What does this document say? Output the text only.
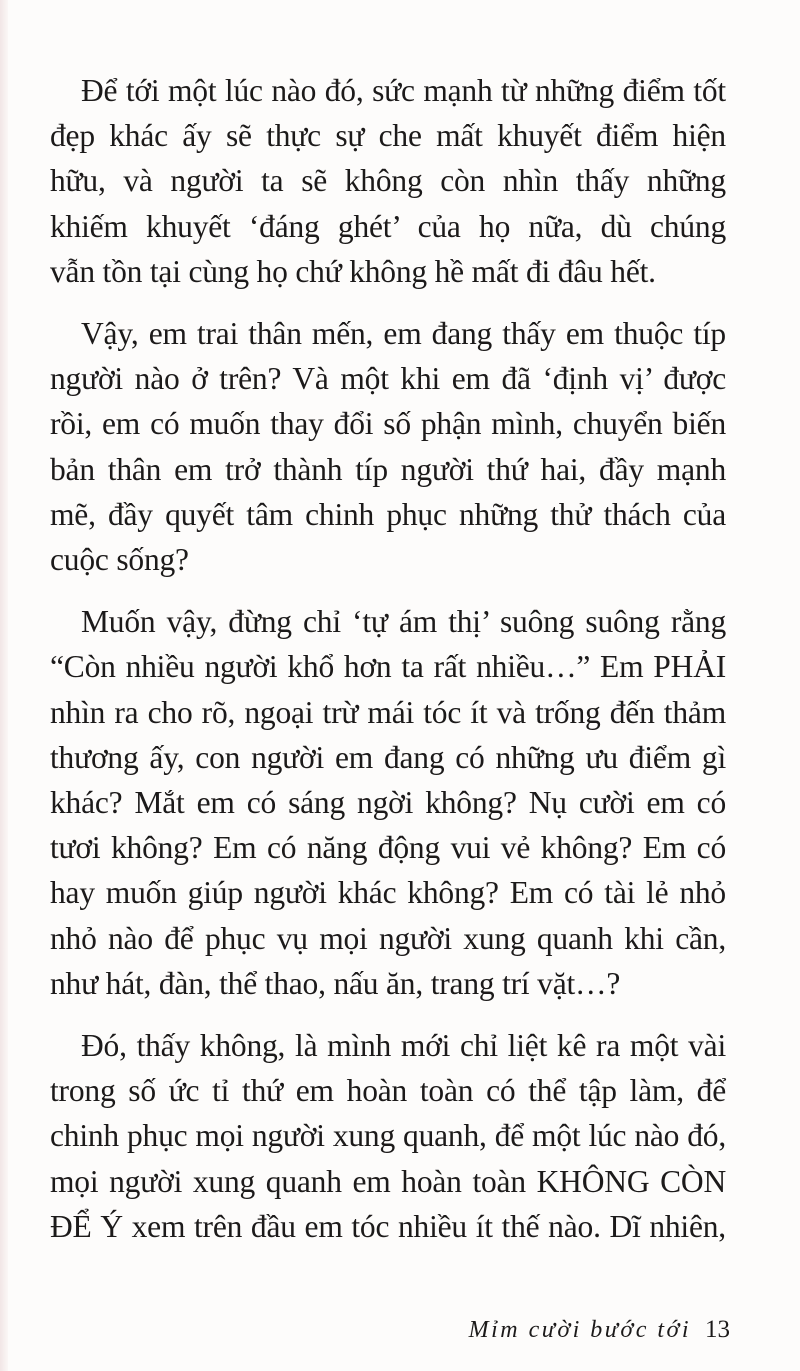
Để tới một lúc nào đó, sức mạnh từ những điểm tốt
đẹp khác ấy sẽ thực sự che mất khuyết điểm hiện
hữu, và người ta sẽ không còn nhìn thấy những
khiếm khuyết ‘đáng ghét’ của họ nữa, dù chúng
vẫn tồn tại cùng họ chứ không hề mất đi đâu hết.

Vậy, em trai thân mến, em đang thấy em thuộc típ
người nào ở trên? Và một khi em đã ‘định vị’ được
rồi, em có muốn thay đổi số phận mình, chuyển biến
bản thân em trở thành típ người thứ hai, đầy mạnh
mẽ, đầy quyết tâm chinh phục những thử thách của
cuộc sống?

Muốn vậy, đừng chỉ ‘tự ám thị’ suông suông rằng
“Còn nhiều người khổ hơn ta rất nhiều…” Em PHẢI
nhìn ra cho rõ, ngoại trừ mái tóc ít và trống đến thảm
thương ấy, con người em đang có những ưu điểm gì
khác? Mắt em có sáng ngời không? Nụ cười em có
tươi không? Em có năng động vui vẻ không? Em có
hay muốn giúp người khác không? Em có tài lẻ nhỏ
nhỏ nào để phục vụ mọi người xung quanh khi cần,
như hát, đàn, thể thao, nấu ăn, trang trí vặt…?

Đó, thấy không, là mình mới chỉ liệt kê ra một vài
trong số ức tỉ thứ em hoàn toàn có thể tập làm, để
chinh phục mọi người xung quanh, để một lúc nào đó,
mọi người xung quanh em hoàn toàn KHÔNG CÒN
ĐỂ Ý xem trên đầu em tóc nhiều ít thế nào. Dĩ nhiên,

Mỉm cười bước tới 13
